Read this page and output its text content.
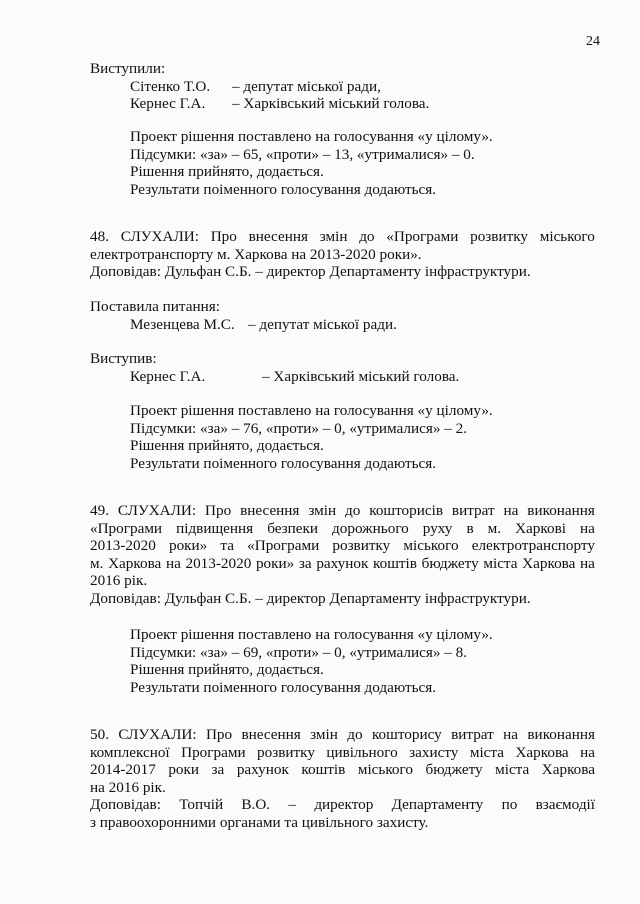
24
Виступили:
Сітенко Т.О. – депутат міської ради,
Кернес Г.А. – Харківський міський голова.
Проект рішення поставлено на голосування «у цілому».
Підсумки: «за» – 65, «проти» – 13, «утрималися» – 0.
Рішення прийнято, додається.
Результати поіменного голосування додаються.
48. СЛУХАЛИ: Про внесення змін до «Програми розвитку міського
електротранспорту м. Харкова на 2013-2020 роки».
Доповідав: Дульфан С.Б. – директор Департаменту інфраструктури.
Поставила питання:
Мезенцева М.С. – депутат міської ради.
Виступив:
Кернес Г.А.	– Харківський міський голова.
Проект рішення поставлено на голосування «у цілому».
Підсумки: «за» – 76, «проти» – 0, «утрималися» – 2.
Рішення прийнято, додається.
Результати поіменного голосування додаються.
49. СЛУХАЛИ: Про внесення змін до кошторисів витрат на виконання
«Програми підвищення безпеки дорожнього руху в м. Харкові на
2013-2020 роки» та «Програми розвитку міського електротранспорту
м. Харкова на 2013-2020 роки» за рахунок коштів бюджету міста Харкова на
2016 рік.
Доповідав: Дульфан С.Б. – директор Департаменту інфраструктури.
Проект рішення поставлено на голосування «у цілому».
Підсумки: «за» – 69, «проти» – 0, «утрималися» – 8.
Рішення прийнято, додається.
Результати поіменного голосування додаються.
50. СЛУХАЛИ: Про внесення змін до кошторису витрат на виконання
комплексної Програми розвитку цивільного захисту міста Харкова на
2014-2017 роки за рахунок коштів міського бюджету міста Харкова
на 2016 рік.
Доповідав: Топчій В.О. – директор Департаменту по взаємодії
з правоохоронними органами та цивільного захисту.
